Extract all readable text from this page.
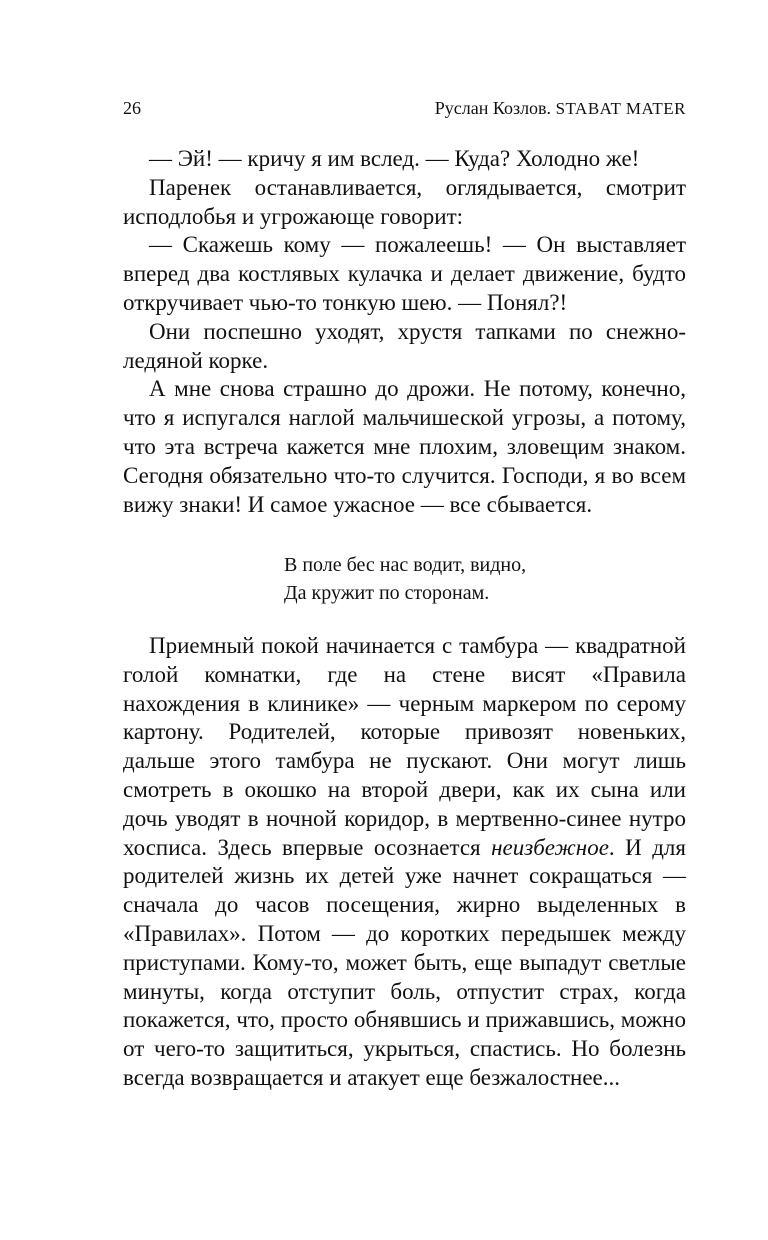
26	Руслан Козлов. STABAT MATER

— Эй! — кричу я им вслед. — Куда? Холодно же!

Паренек останавливается, оглядывается, смотрит исподлобья и угрожающе говорит:

— Скажешь кому — пожалеешь! — Он выставляет вперед два костлявых кулачка и делает движение, будто откручивает чью-то тонкую шею. — Понял?!

Они поспешно уходят, хрустя тапками по снежно-ледяной корке.

А мне снова страшно до дрожи. Не потому, конечно, что я испугался наглой мальчишеской угрозы, а потому, что эта встреча кажется мне плохим, зловещим знаком. Сегодня обязательно что-то случится. Господи, я во всем вижу знаки! И самое ужасное — все сбывается.

В поле бес нас водит, видно,
Да кружит по сторонам.

Приемный покой начинается с тамбура — квадратной голой комнатки, где на стене висят «Правила нахождения в клинике» — черным маркером по серому картону. Родителей, которые привозят новеньких, дальше этого тамбура не пускают. Они могут лишь смотреть в окошко на второй двери, как их сына или дочь уводят в ночной коридор, в мертвенно-синее нутро хосписа. Здесь впервые осознается неизбежное. И для родителей жизнь их детей уже начнет сокращаться — сначала до часов посещения, жирно выделенных в «Правилах». Потом — до коротких передышек между приступами. Кому-то, может быть, еще выпадут светлые минуты, когда отступит боль, отпустит страх, когда покажется, что, просто обнявшись и прижавшись, можно от чего-то защититься, укрыться, спастись. Но болезнь всегда возвращается и атакует еще безжалостнее...
